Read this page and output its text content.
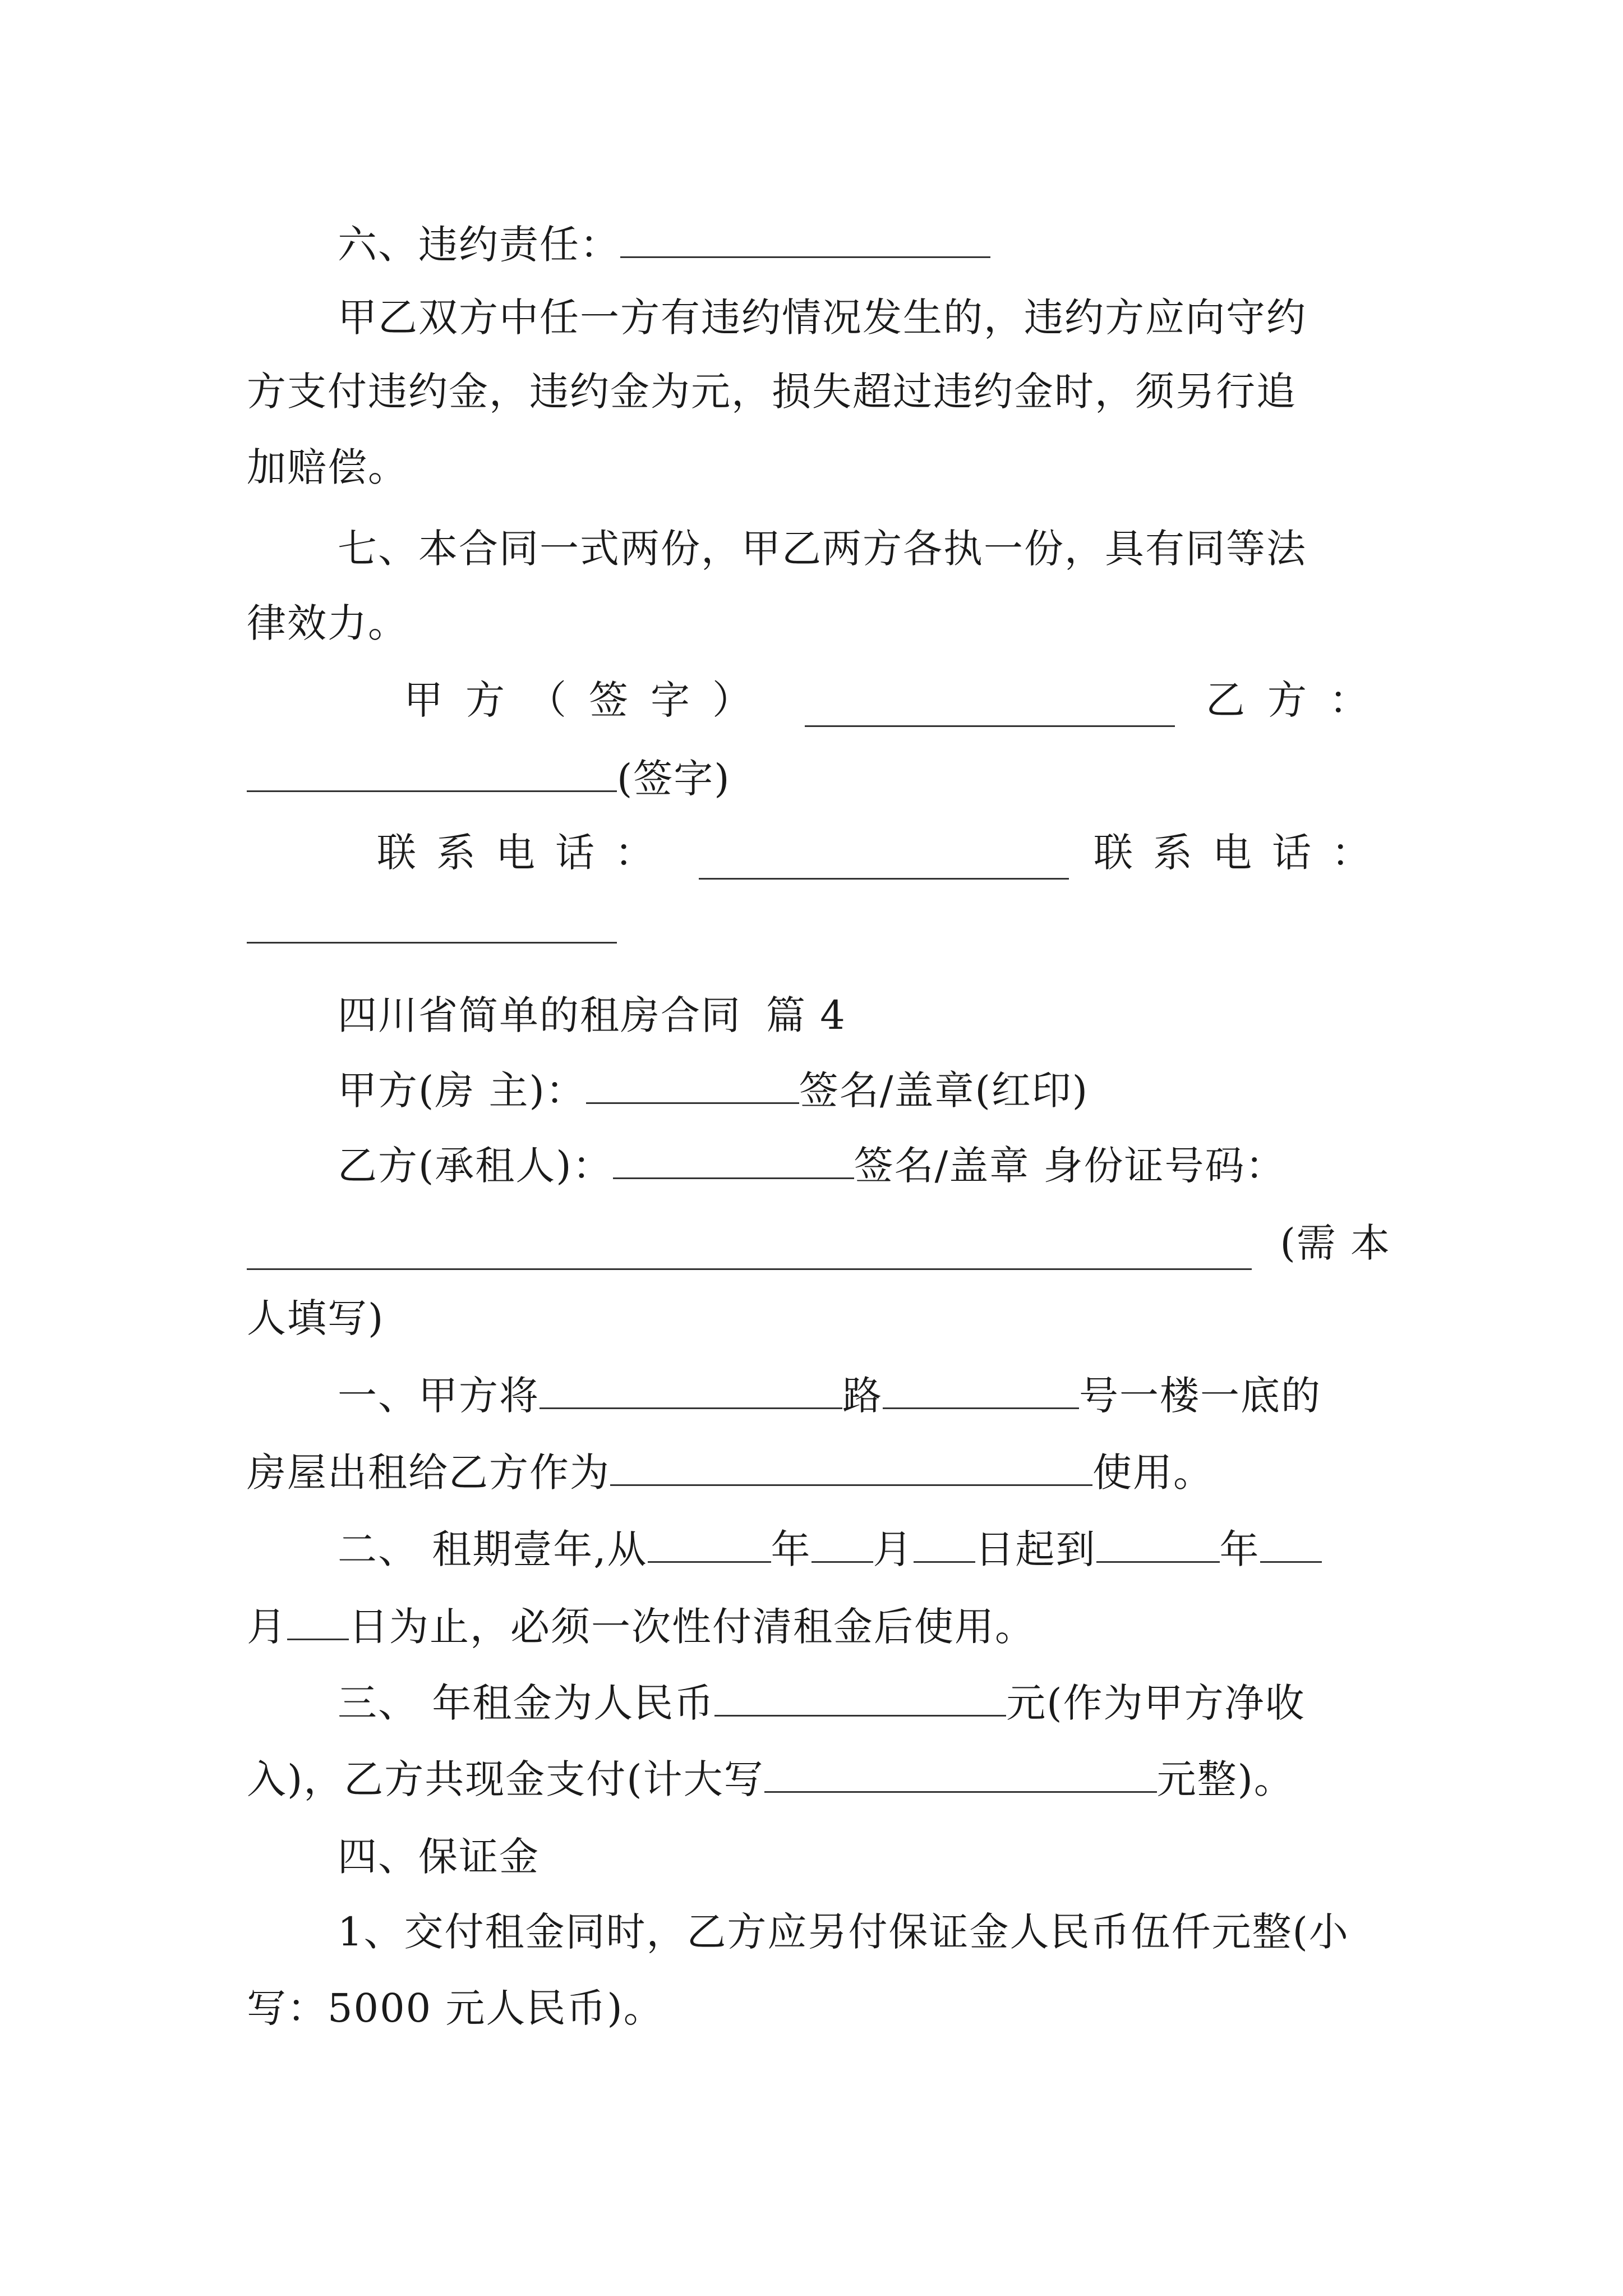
六、违约责任：
甲乙双方中任一方有违约情况发生的，违约方应向守约
方支付违约金，违约金为元，损失超过违约金时，须另行追
加赔偿。
七、本合同一式两份，甲乙两方各执一份，具有同等法
律效力。
甲方（签字）	乙方：
(签字)
联系电话：	联系电话：
四川省简单的租房合同 篇 4
甲方(房 主)：	签名/盖章(红印)
乙方(承租人)：	签名/盖章 身份证号码：
(需 本
人填写)
一、甲方将	路	号一楼一底的
房屋出租给乙方作为	使用。
二、 租期壹年,从	年 月 日起到	年
月 日为止，必须一次性付清租金后使用。
三、 年租金为人民币	元(作为甲方净收
入)，乙方共现金支付(计大写	元整)。
四、保证金
1、交付租金同时，乙方应另付保证金人民币伍仟元整(小
写：5000 元人民币)。
